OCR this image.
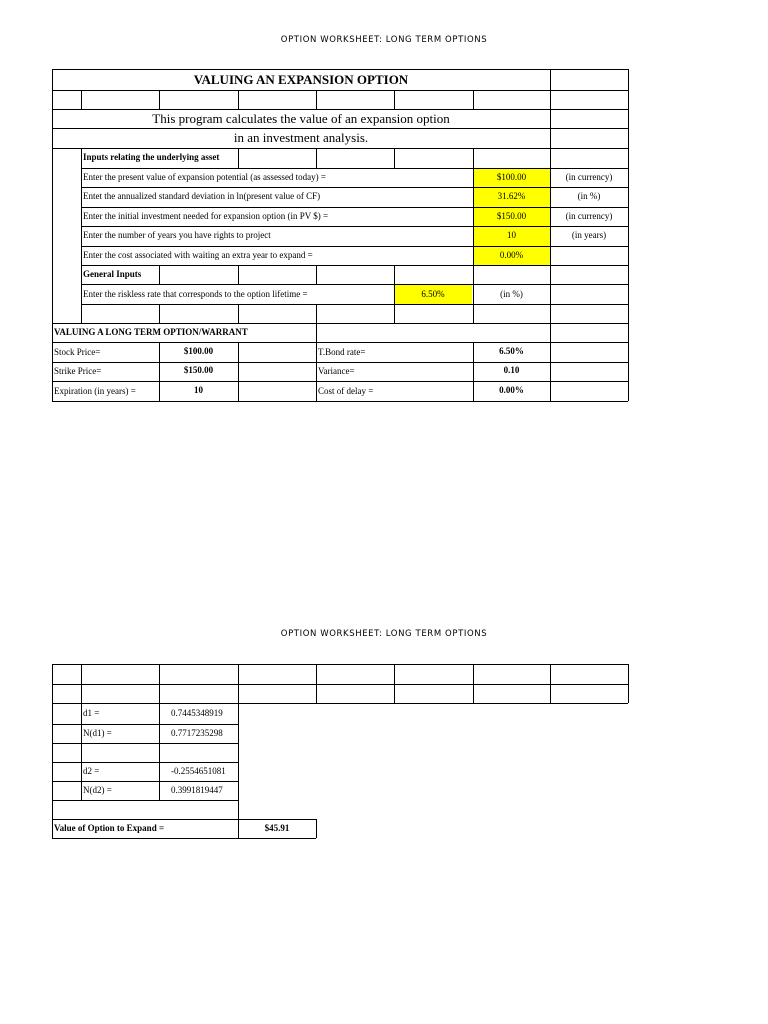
OPTION WORKSHEET: LONG TERM OPTIONS
VALUING AN EXPANSION OPTION
This program calculates the value of an expansion option
in an investment analysis.
Inputs relating the underlying asset
Enter the present value of expansion potential (as assessed today) =	$100.00	(in currency)
Entet the annualized standard deviation in ln(present value of CF)	31.62%	(in %)
Enter the initial investment needed for expansion option (in PV $) =	$150.00	(in currency)
Enter the number of years you have rights to project	10	(in years)
Enter the cost associated with waiting an extra year to expand =	0.00%
General Inputs
Enter the riskless rate that corresponds to the option lifetime =	6.50%	(in %)
VALUING A LONG TERM OPTION/WARRANT
Stock Price=	$100.00	T.Bond rate=	6.50%
Strike Price=	$150.00	Variance=	0.10
Expiration (in years) =	10	Cost of delay =	0.00%
OPTION WORKSHEET: LONG TERM OPTIONS
d1 =	0.7445348919
N(d1) =	0.7717235298
d2 =	-0.2554651081
N(d2) =	0.3991819447
Value of Option to Expand =	$45.91
